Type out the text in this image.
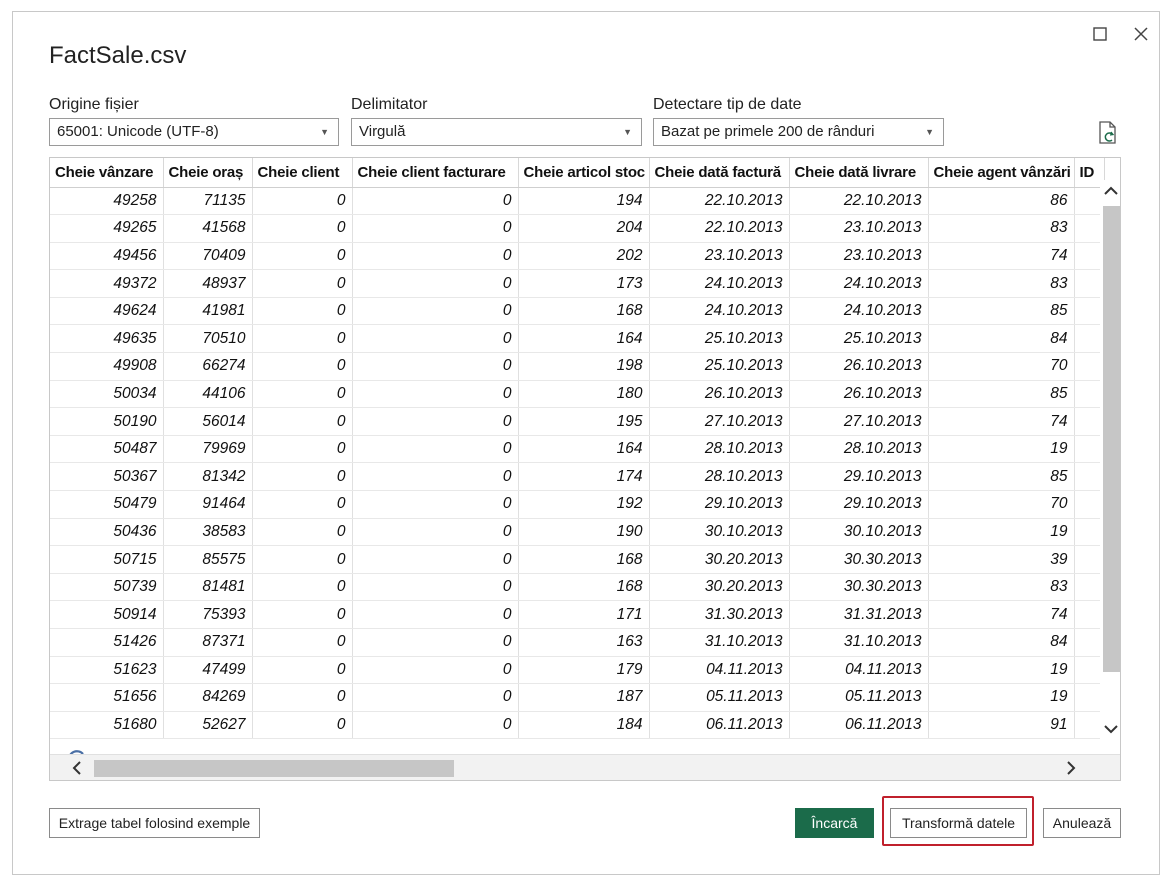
FactSale.csv
Origine fișier
65001: Unicode (UTF-8)	▼
Delimitator
Virgulă	▼
Detectare tip de date
Bazat pe primele 200 de rânduri	▼
Cheie vânzare	Cheie oraș	Cheie client	Cheie client facturare	Cheie articol stoc	Cheie dată factură	Cheie dată livrare	Cheie agent vânzări	ID
49258	71135	0	0	194	22.10.2013	22.10.2013	86	
49265	41568	0	0	204	22.10.2013	23.10.2013	83	
49456	70409	0	0	202	23.10.2013	23.10.2013	74	
49372	48937	0	0	173	24.10.2013	24.10.2013	83	
49624	41981	0	0	168	24.10.2013	24.10.2013	85	
49635	70510	0	0	164	25.10.2013	25.10.2013	84	
49908	66274	0	0	198	25.10.2013	26.10.2013	70	
50034	44106	0	0	180	26.10.2013	26.10.2013	85	
50190	56014	0	0	195	27.10.2013	27.10.2013	74	
50487	79969	0	0	164	28.10.2013	28.10.2013	19	
50367	81342	0	0	174	28.10.2013	29.10.2013	85	
50479	91464	0	0	192	29.10.2013	29.10.2013	70	
50436	38583	0	0	190	30.10.2013	30.10.2013	19	
50715	85575	0	0	168	30.20.2013	30.30.2013	39	
50739	81481	0	0	168	30.20.2013	30.30.2013	83	
50914	75393	0	0	171	31.30.2013	31.31.2013	74	
51426	87371	0	0	163	31.10.2013	31.10.2013	84	
51623	47499	0	0	179	04.11.2013	04.11.2013	19	
51656	84269	0	0	187	05.11.2013	05.11.2013	19	
51680	52627	0	0	184	06.11.2013	06.11.2013	91	
Extrage tabel folosind exemple	Încarcă	Transformă datele	Anulează
